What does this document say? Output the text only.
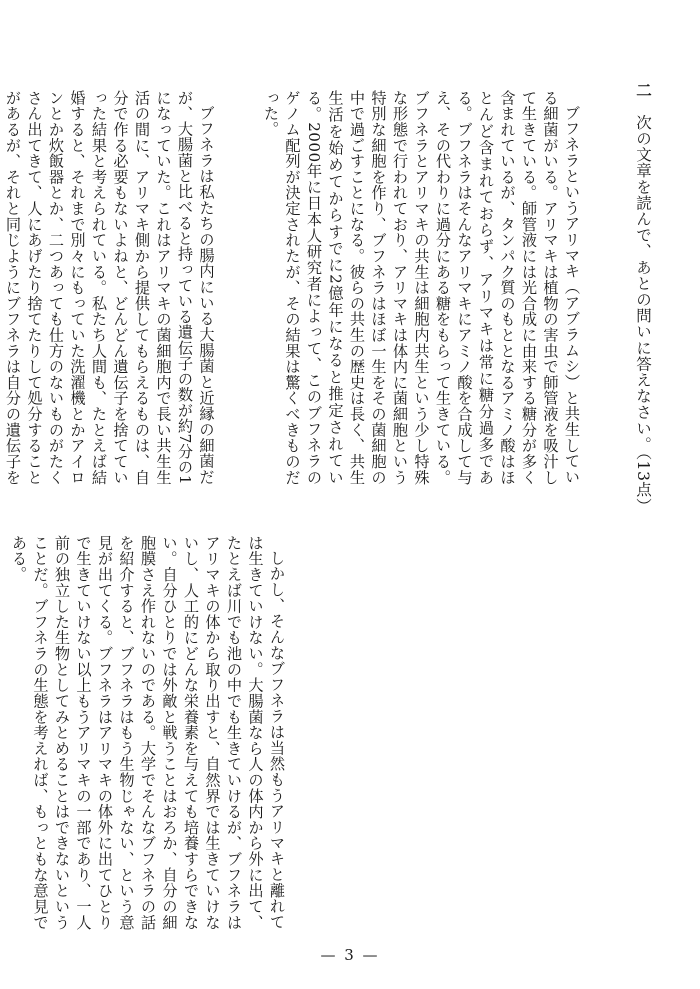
二　次の文章を読んで、あとの問いに答えなさい。（13点）

ブフネラというアリマキ（アブラムシ）と共生している細菌がいる。アリマキは植物の害虫で師管液を吸汁して生きている。師管液には光合成に由来する糖分が多く含まれているが、タンパク質のもととなるアミノ酸はほとんど含まれておらず、アリマキは常に糖分過多である。ブフネラはそんなアリマキにアミノ酸を合成して与え、その代わりに過分にある糖をもらって生きている。ブフネラとアリマキの共生は細胞内共生という少し特殊な形態で行われており、アリマキは体内に菌細胞という特別な細胞を作り、ブフネラはほぼ一生をその菌細胞の中で過ごすことになる。彼らの共生の歴史は長く、共生生活を始めてからすでに2億年になると推定されている。2000年に日本人研究者によって、このブフネラのゲノム配列が決定されたが、その結果は驚くべきものだった。

ブフネラは私たちの腸内にいる大腸菌と近縁の細菌だが、大腸菌と比べると持っている遺伝子の数が約7分の1になっていた。これはアリマキの菌細胞内で長い共生生活の間に、アリマキ側から提供してもらえるものは、自分で作る必要もないよねと、どんどん遺伝子を捨てていった結果と考えられている。私たち人間も、たとえば結婚すると、それまで別々にもっていた洗濯機とかアイロンとか炊飯器とか、二つあっても仕方のないものがたくさん出てきて、人にあげたり捨てたりして処分することがあるが、それと同じようにブフネラは自分の遺伝子を

しかし、そんなブフネラは当然もうアリマキと離れては生きていけない。大腸菌なら人の体内から外に出て、たとえば川でも池の中でも生きていけるが、ブフネラはアリマキの体から取り出すと、自然界では生きていけないし、人工的にどんな栄養素を与えても培養すらできない。自分ひとりでは外敵と戦うことはおろか、自分の細胞膜さえ作れないのである。大学でそんなブフネラの話を紹介すると、ブフネラはもう生物じゃない、という意見が出てくる。ブフネラはアリマキの体外に出てひとりで生きていけない以上もうアリマキの一部であり、一人前の独立した生物としてみとめることはできないということだ。ブフネラの生態を考えれば、もっともな意見である。

— 3 —
